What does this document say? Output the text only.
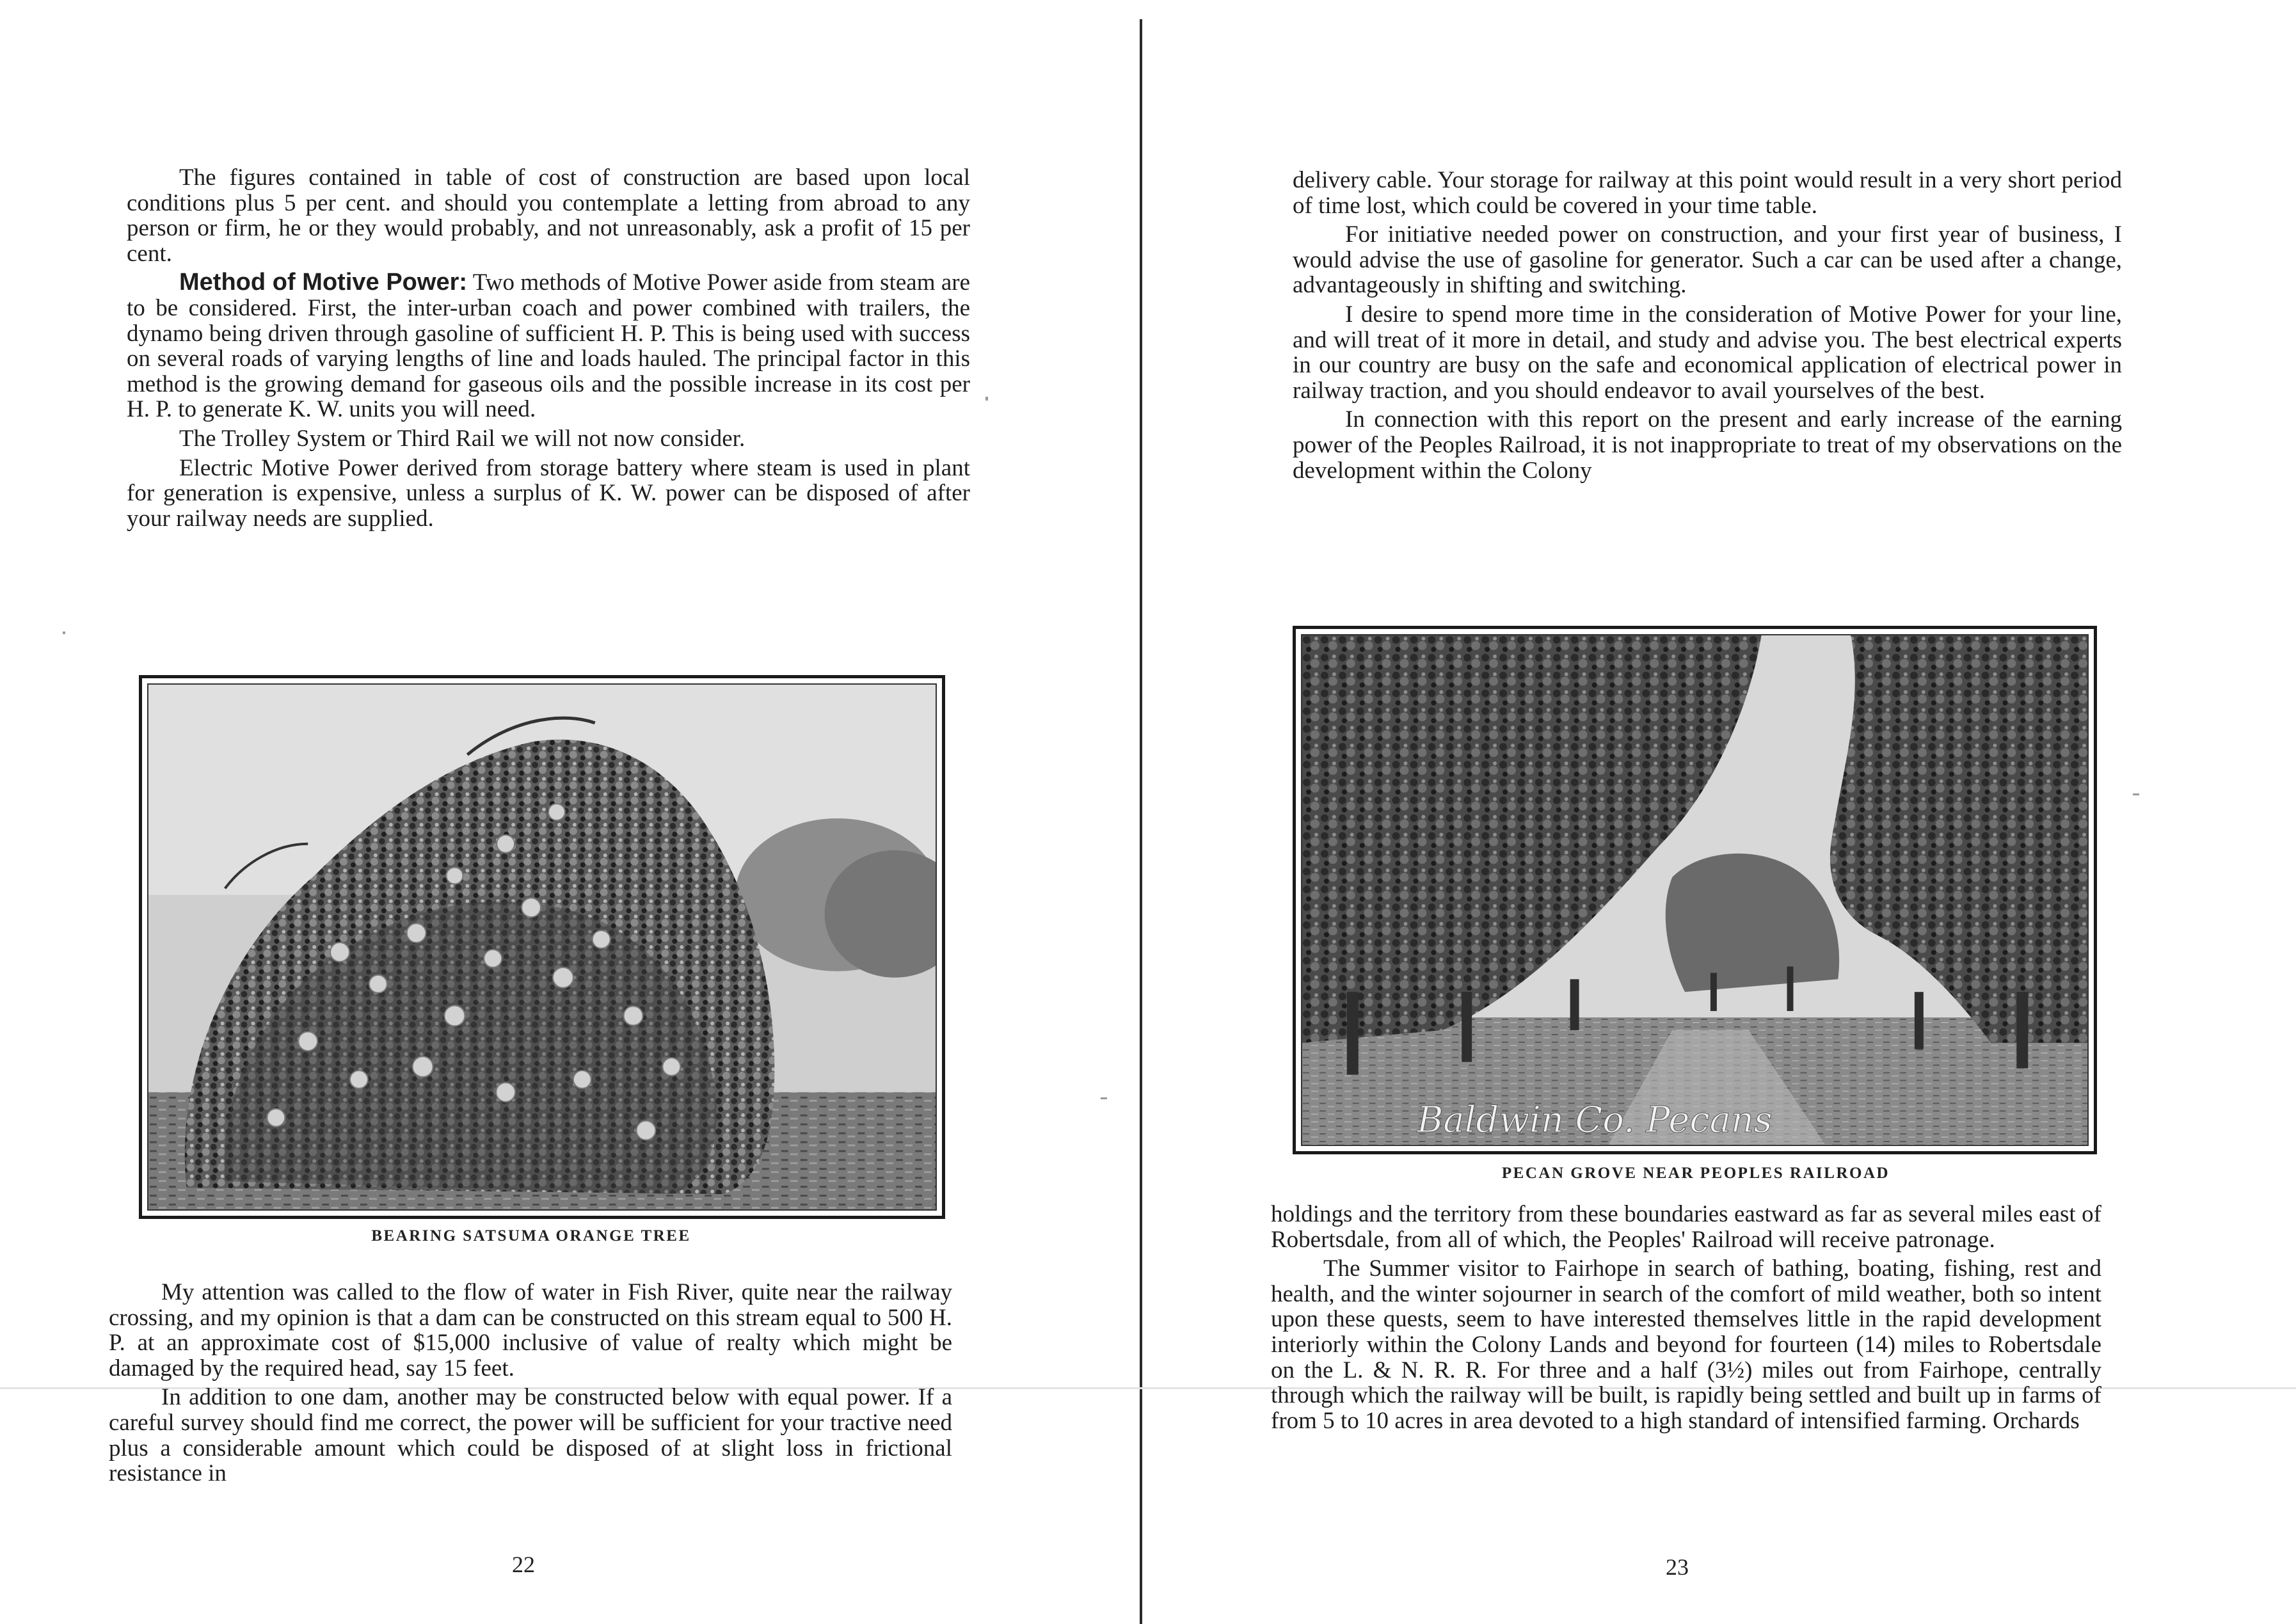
The figures contained in table of cost of construction are based upon local conditions plus 5 per cent. and should you contemplate a letting from abroad to any person or firm, he or they would probably, and not unreasonably, ask a profit of 15 per cent.

Method of Motive Power: Two methods of Motive Power aside from steam are to be considered. First, the inter-urban coach and power combined with trailers, the dynamo being driven through gasoline of sufficient H. P. This is being used with success on several roads of varying lengths of line and loads hauled. The principal factor in this method is the growing demand for gaseous oils and the possible increase in its cost per H. P. to generate K. W. units you will need.

The Trolley System or Third Rail we will not now consider.

Electric Motive Power derived from storage battery where steam is used in plant for generation is expensive, unless a surplus of K. W. power can be disposed of after your railway needs are supplied.

BEARING SATSUMA ORANGE TREE

My attention was called to the flow of water in Fish River, quite near the railway crossing, and my opinion is that a dam can be constructed on this stream equal to 500 H. P. at an approximate cost of $15,000 inclusive of value of realty which might be damaged by the required head, say 15 feet.

In addition to one dam, another may be constructed below with equal power. If a careful survey should find me correct, the power will be sufficient for your tractive need plus a considerable amount which could be disposed of at slight loss in frictional resistance in

22

delivery cable. Your storage for railway at this point would result in a very short period of time lost, which could be covered in your time table.

For initiative needed power on construction, and your first year of business, I would advise the use of gasoline for generator. Such a car can be used after a change, advantageously in shifting and switching.

I desire to spend more time in the consideration of Motive Power for your line, and will treat of it more in detail, and study and advise you. The best electrical experts in our country are busy on the safe and economical application of electrical power in railway traction, and you should endeavor to avail yourselves of the best.

In connection with this report on the present and early increase of the earning power of the Peoples Railroad, it is not inappropriate to treat of my observations on the development within the Colony

Baldwin Co. Pecans
PECAN GROVE NEAR PEOPLES RAILROAD

holdings and the territory from these boundaries eastward as far as several miles east of Robertsdale, from all of which, the Peoples' Railroad will receive patronage.

The Summer visitor to Fairhope in search of bathing, boating, fishing, rest and health, and the winter sojourner in search of the comfort of mild weather, both so intent upon these quests, seem to have interested themselves little in the rapid development interiorly within the Colony Lands and beyond for fourteen (14) miles to Robertsdale on the L. & N. R. R. For three and a half (3½) miles out from Fairhope, centrally through which the railway will be built, is rapidly being settled and built up in farms of from 5 to 10 acres in area devoted to a high standard of intensified farming. Orchards

23
